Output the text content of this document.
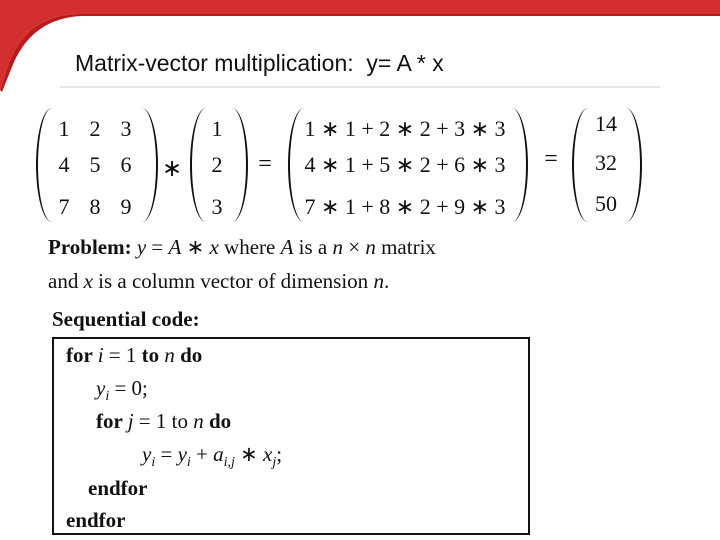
Matrix-vector multiplication:  y= A * x
1 2 3
4 5 6
7 8 9
∗
1
2
3
=
1 ∗ 1 + 2 ∗ 2 + 3 ∗ 3
4 ∗ 1 + 5 ∗ 2 + 6 ∗ 3
7 ∗ 1 + 8 ∗ 2 + 9 ∗ 3
=
14
32
50
Problem: y = A ∗ x where A is a n × n matrix
and x is a column vector of dimension n.
Sequential code:
for i = 1 to n do
$y_i = 0$;
for j = 1 to n do
$y_i = y_i + a_{i,j}$ ∗ $x_j$;
endfor
endfor
